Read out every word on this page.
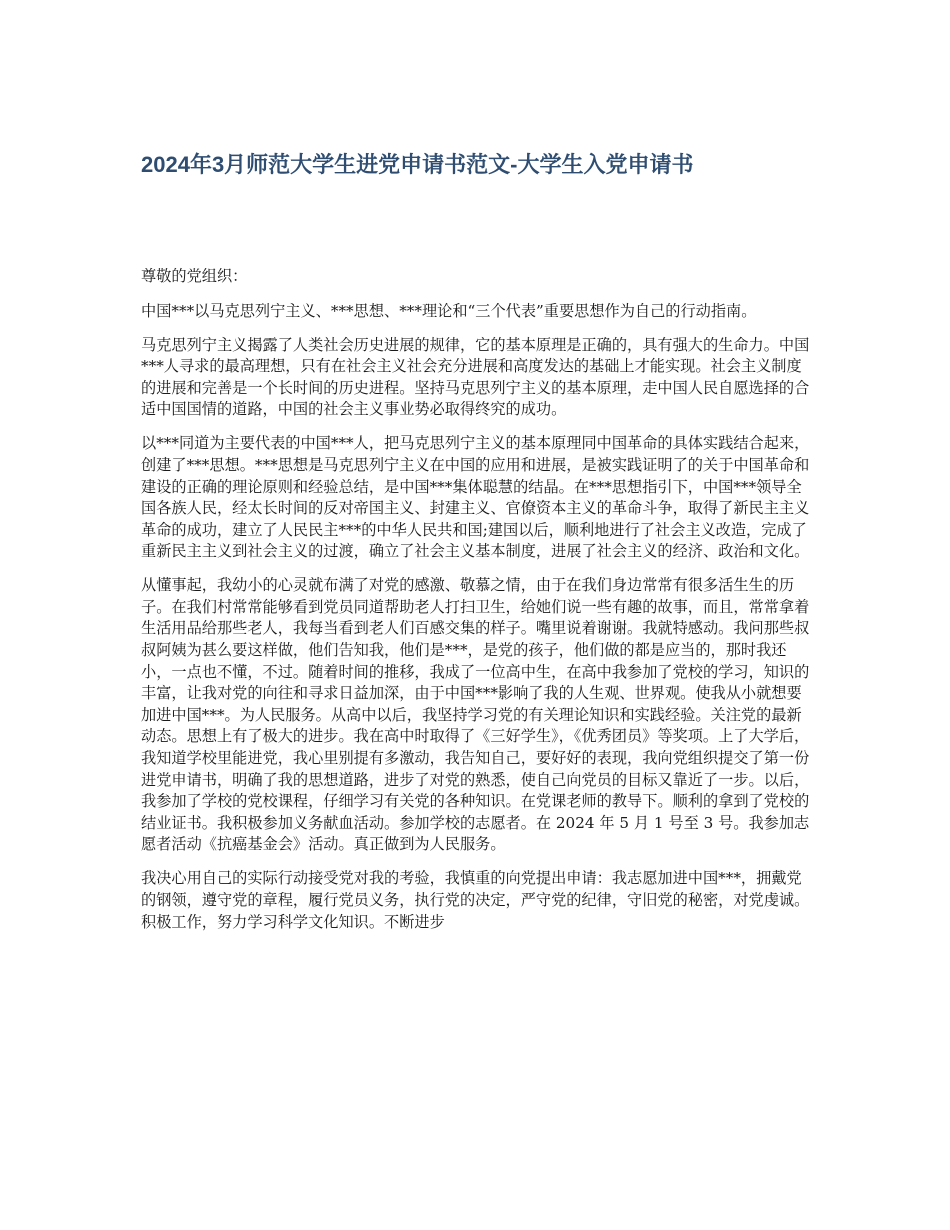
2024年3月师范大学生进党申请书范文-大学生入党申请书

尊敬的党组织：

中国***以马克思列宁主义、***思想、***理论和“三个代表”重要思想作为自己的行动指南。

马克思列宁主义揭露了人类社会历史进展的规律，它的基本原理是正确的，具有强大的生命力。中国***人寻求的最高理想，只有在社会主义社会充分进展和高度发达的基础上才能实现。社会主义制度的进展和完善是一个长时间的历史进程。坚持马克思列宁主义的基本原理，走中国人民自愿选择的合适中国国情的道路，中国的社会主义事业势必取得终究的成功。

以***同道为主要代表的中国***人，把马克思列宁主义的基本原理同中国革命的具体实践结合起来，创建了***思想。***思想是马克思列宁主义在中国的应用和进展，是被实践证明了的关于中国革命和建设的正确的理论原则和经验总结，是中国***集体聪慧的结晶。在***思想指引下，中国***领导全国各族人民，经太长时间的反对帝国主义、封建主义、官僚资本主义的革命斗争，取得了新民主主义革命的成功，建立了人民民主***的中华人民共和国;建国以后，顺利地进行了社会主义改造，完成了重新民主主义到社会主义的过渡，确立了社会主义基本制度，进展了社会主义的经济、政治和文化。

从懂事起，我幼小的心灵就布满了对党的感激、敬慕之情，由于在我们身边常常有很多活生生的历子。在我们村常常能够看到党员同道帮助老人打扫卫生，给她们说一些有趣的故事，而且，常常拿着生活用品给那些老人，我每当看到老人们百感交集的样子。嘴里说着谢谢。我就特感动。我问那些叔叔阿姨为甚么要这样做，他们告知我，他们是***，是党的孩子，他们做的都是应当的，那时我还小，一点也不懂，不过。随着时间的推移，我成了一位高中生，在高中我参加了党校的学习，知识的丰富，让我对党的向往和寻求日益加深，由于中国***影响了我的人生观、世界观。使我从小就想要加进中国***。为人民服务。从高中以后，我坚持学习党的有关理论知识和实践经验。关注党的最新动态。思想上有了极大的进步。我在高中时取得了《三好学生》，《优秀团员》等奖项。上了大学后，我知道学校里能进党，我心里别提有多激动，我告知自己，要好好的表现，我向党组织提交了第一份进党申请书，明确了我的思想道路，进步了对党的熟悉，使自己向党员的目标又靠近了一步。以后，我参加了学校的党校课程，仔细学习有关党的各种知识。在党课老师的教导下。顺利的拿到了党校的结业证书。我积极参加义务献血活动。参加学校的志愿者。在 2024 年 5 月 1 号至 3 号。我参加志愿者活动《抗癌基金会》活动。真正做到为人民服务。

我决心用自己的实际行动接受党对我的考验，我慎重的向党提出申请：我志愿加进中国***，拥戴党的钢领，遵守党的章程，履行党员义务，执行党的决定，严守党的纪律，守旧党的秘密，对党虔诚。积极工作，努力学习科学文化知识。不断进步
